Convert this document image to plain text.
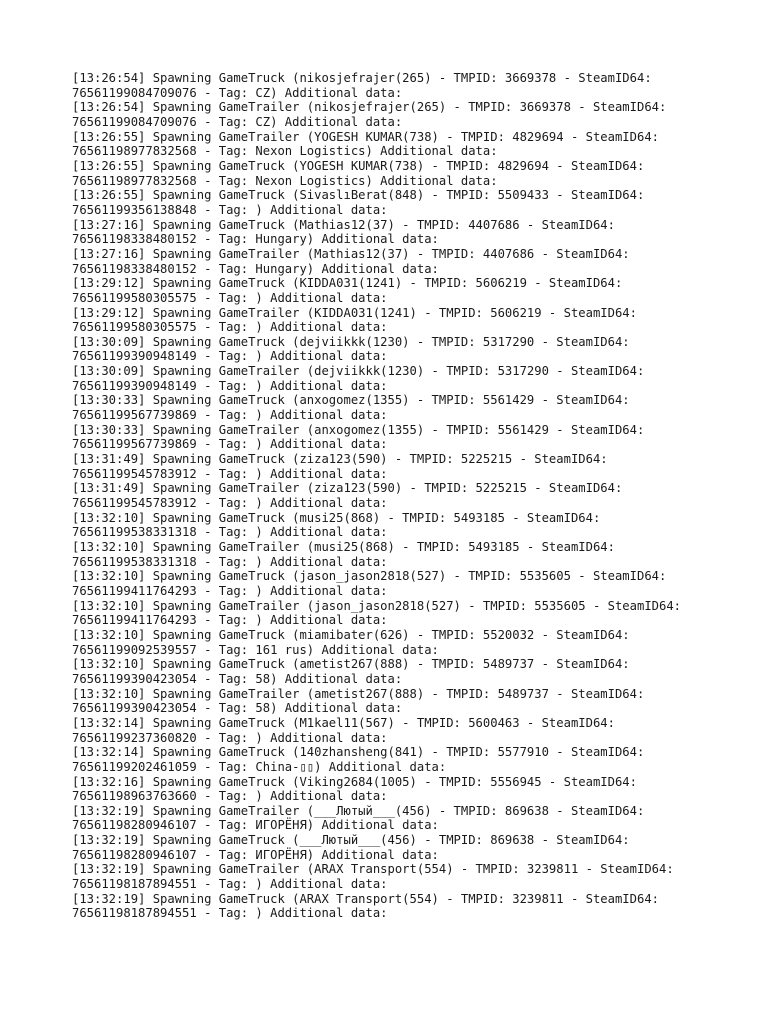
[13:26:54] Spawning GameTruck (nikosjefrajer(265) - TMPID: 3669378 - SteamID64:
76561199084709076 - Tag: CZ) Additional data:
[13:26:54] Spawning GameTrailer (nikosjefrajer(265) - TMPID: 3669378 - SteamID64:
76561199084709076 - Tag: CZ) Additional data:
[13:26:55] Spawning GameTrailer (YOGESH KUMAR(738) - TMPID: 4829694 - SteamID64:
76561198977832568 - Tag: Nexon Logistics) Additional data:
[13:26:55] Spawning GameTruck (YOGESH KUMAR(738) - TMPID: 4829694 - SteamID64:
76561198977832568 - Tag: Nexon Logistics) Additional data:
[13:26:55] Spawning GameTruck (SivaslıBerat(848) - TMPID: 5509433 - SteamID64:
76561199356138848 - Tag: ) Additional data:
[13:27:16] Spawning GameTruck (Mathias12(37) - TMPID: 4407686 - SteamID64:
76561198338480152 - Tag: Hungary) Additional data:
[13:27:16] Spawning GameTrailer (Mathias12(37) - TMPID: 4407686 - SteamID64:
76561198338480152 - Tag: Hungary) Additional data:
[13:29:12] Spawning GameTruck (KIDDA031(1241) - TMPID: 5606219 - SteamID64:
76561199580305575 - Tag: ) Additional data:
[13:29:12] Spawning GameTrailer (KIDDA031(1241) - TMPID: 5606219 - SteamID64:
76561199580305575 - Tag: ) Additional data:
[13:30:09] Spawning GameTruck (dejviikkk(1230) - TMPID: 5317290 - SteamID64:
76561199390948149 - Tag: ) Additional data:
[13:30:09] Spawning GameTrailer (dejviikkk(1230) - TMPID: 5317290 - SteamID64:
76561199390948149 - Tag: ) Additional data:
[13:30:33] Spawning GameTruck (anxogomez(1355) - TMPID: 5561429 - SteamID64:
76561199567739869 - Tag: ) Additional data:
[13:30:33] Spawning GameTrailer (anxogomez(1355) - TMPID: 5561429 - SteamID64:
76561199567739869 - Tag: ) Additional data:
[13:31:49] Spawning GameTruck (ziza123(590) - TMPID: 5225215 - SteamID64:
76561199545783912 - Tag: ) Additional data:
[13:31:49] Spawning GameTrailer (ziza123(590) - TMPID: 5225215 - SteamID64:
76561199545783912 - Tag: ) Additional data:
[13:32:10] Spawning GameTruck (musi25(868) - TMPID: 5493185 - SteamID64:
76561199538331318 - Tag: ) Additional data:
[13:32:10] Spawning GameTrailer (musi25(868) - TMPID: 5493185 - SteamID64:
76561199538331318 - Tag: ) Additional data:
[13:32:10] Spawning GameTruck (jason_jason2818(527) - TMPID: 5535605 - SteamID64:
76561199411764293 - Tag: ) Additional data:
[13:32:10] Spawning GameTrailer (jason_jason2818(527) - TMPID: 5535605 - SteamID64:
76561199411764293 - Tag: ) Additional data:
[13:32:10] Spawning GameTruck (miamibater(626) - TMPID: 5520032 - SteamID64:
76561199092539557 - Tag: 161 rus) Additional data:
[13:32:10] Spawning GameTruck (ametist267(888) - TMPID: 5489737 - SteamID64:
76561199390423054 - Tag: 58) Additional data:
[13:32:10] Spawning GameTrailer (ametist267(888) - TMPID: 5489737 - SteamID64:
76561199390423054 - Tag: 58) Additional data:
[13:32:14] Spawning GameTruck (M1kael11(567) - TMPID: 5600463 - SteamID64:
76561199237360820 - Tag: ) Additional data:
[13:32:14] Spawning GameTruck (140zhansheng(841) - TMPID: 5577910 - SteamID64:
76561199202461059 - Tag: China-▯▯) Additional data:
[13:32:16] Spawning GameTruck (Viking2684(1005) - TMPID: 5556945 - SteamID64:
76561198963763660 - Tag: ) Additional data:
[13:32:19] Spawning GameTrailer (___Лютый___(456) - TMPID: 869638 - SteamID64:
76561198280946107 - Tag: ИГОРЁНЯ) Additional data:
[13:32:19] Spawning GameTruck (___Лютый___(456) - TMPID: 869638 - SteamID64:
76561198280946107 - Tag: ИГОРЁНЯ) Additional data:
[13:32:19] Spawning GameTrailer (ARAX Transport(554) - TMPID: 3239811 - SteamID64:
76561198187894551 - Tag: ) Additional data:
[13:32:19] Spawning GameTruck (ARAX Transport(554) - TMPID: 3239811 - SteamID64:
76561198187894551 - Tag: ) Additional data:
